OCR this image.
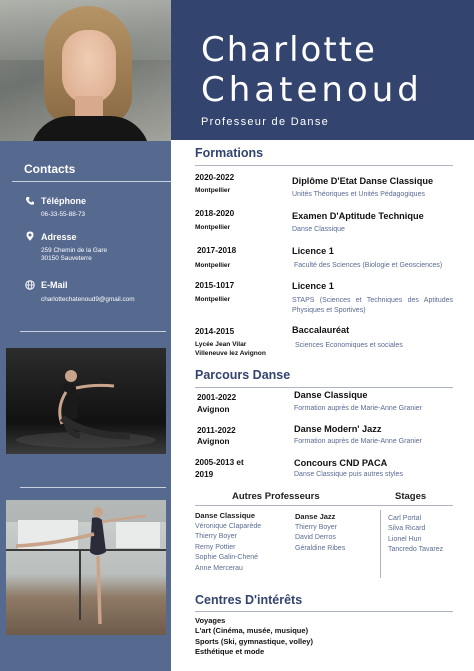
Contacts
Téléphone
06-33-55-88-73
Adresse
259 Chemin de la Gare
30150 Sauveterre
E-Mail
charlottechatenoud9@gmail.com
Charlotte
Chatenoud
Professeur de Danse
Formations
2020-2022
Montpellier
Diplôme D'Etat Danse Classique
Unités Théoriques et Unités Pédagogiques
2018-2020
Montpellier
Examen D'Aptitude Technique
Danse Classique
2017-2018
Montpellier
Licence 1
Faculté des Sciences (Biologie et Geosciences)
2015-1017
Montpellier
Licence 1
STAPS (Sciences et Techniques des Aptitudes Physiques et Sportives)
2014-2015
Lycée Jean Vilar
Villeneuve lez Avignon
Baccalauréat
Sciences Economiques et sociales
Parcours Danse
2001-2022
Avignon
Danse Classique
Formation auprès de Marie-Anne Granier
2011-2022
Avignon
Danse Modern' Jazz
Formation auprès de Marie-Anne Granier
2005-2013 et
2019
Concours CND PACA
Danse Classique puis autres styles
Autres Professeurs	Stages
Danse Classique
Véronique Claparède
Thierry Boyer
Remy Pottier
Sophie Galin-Chené
Anne Mercerau
Danse Jazz
Thierry Boyer
David Derros
Géraldine Ribes
Carl Portal
Silva Ricard
Lionel Hun
Tancredo Tavarez
Centres D'intérêts
Voyages
L'art (Cinéma, musée, musique)
Sports (Ski, gymnastique, volley)
Esthétique et mode
